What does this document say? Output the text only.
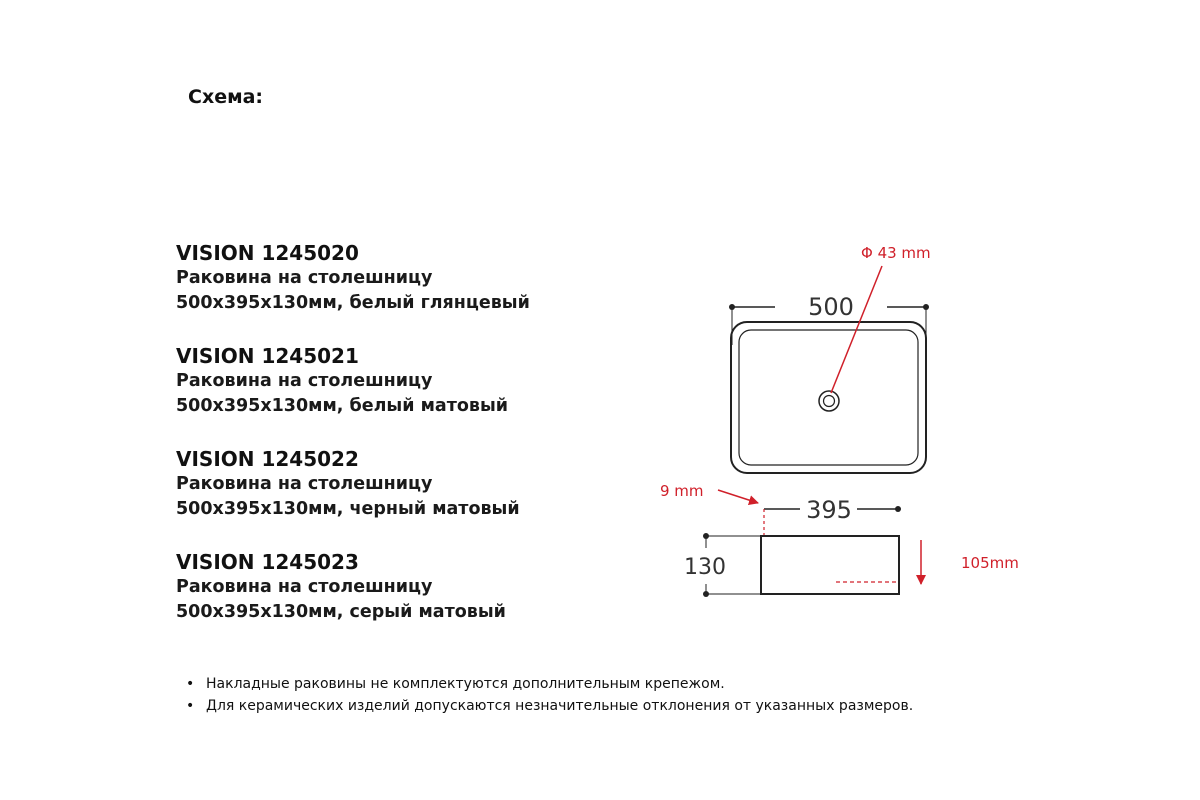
Схема:
VISION 1245020
Раковина на столешницу
500x395x130мм, белый глянцевый
VISION 1245021
Раковина на столешницу
500x395x130мм, белый матовый
VISION 1245022
Раковина на столешницу
500x395x130мм, черный матовый
VISION 1245023
Раковина на столешницу
500x395x130мм, серый матовый
500
Φ 43 mm
395
9 mm
130	105mm
• Накладные раковины не комплектуются дополнительным крепежом.
• Для керамических изделий допускаются незначительные отклонения от указанных размеров.
